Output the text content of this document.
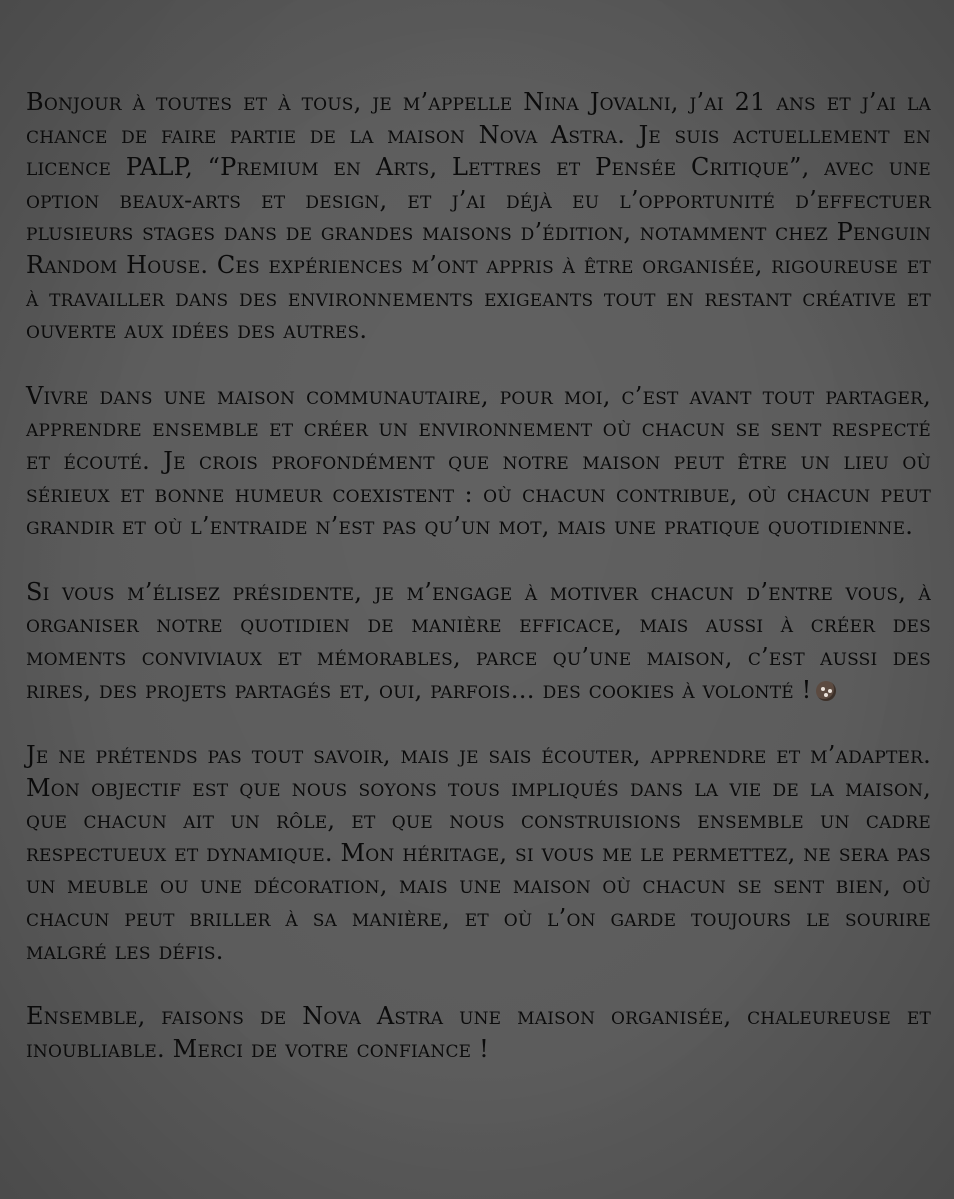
Bonjour à toutes et à tous, je m’appelle Nina Jovalni, j’ai 21 ans et j’ai la chance de faire partie de la maison Nova Astra. Je suis actuellement en licence PALP, “Premium en Arts, Lettres et Pensée Critique”, avec une option beaux-arts et design, et j’ai déjà eu l’opportunité d’effectuer plusieurs stages dans de grandes maisons d’édition, notamment chez Penguin Random House. Ces expériences m’ont appris à être organisée, rigoureuse et à travailler dans des environnements exigeants tout en restant créative et ouverte aux idées des autres.

Vivre dans une maison communautaire, pour moi, c’est avant tout partager, apprendre ensemble et créer un environnement où chacun se sent respecté et écouté. Je crois profondément que notre maison peut être un lieu où sérieux et bonne humeur coexistent : où chacun contribue, où chacun peut grandir et où l’entraide n’est pas qu’un mot, mais une pratique quotidienne.

Si vous m’élisez présidente, je m’engage à motiver chacun d’entre vous, à organiser notre quotidien de manière efficace, mais aussi à créer des moments conviviaux et mémorables, parce qu’une maison, c’est aussi des rires, des projets partagés et, oui, parfois… des cookies à volonté !

Je ne prétends pas tout savoir, mais je sais écouter, apprendre et m’adapter. Mon objectif est que nous soyons tous impliqués dans la vie de la maison, que chacun ait un rôle, et que nous construisions ensemble un cadre respectueux et dynamique. Mon héritage, si vous me le permettez, ne sera pas un meuble ou une décoration, mais une maison où chacun se sent bien, où chacun peut briller à sa manière, et où l’on garde toujours le sourire malgré les défis.

Ensemble, faisons de Nova Astra une maison organisée, chaleureuse et inoubliable. Merci de votre confiance !
